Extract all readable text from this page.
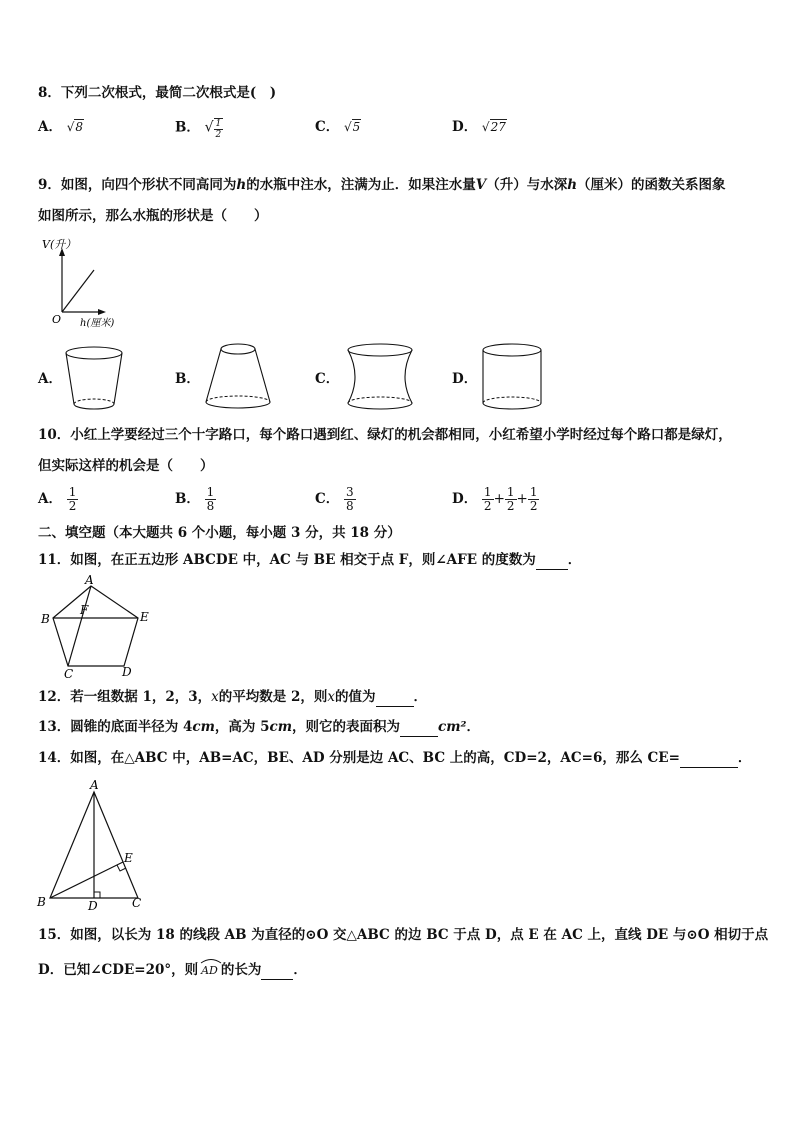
8．下列二次根式，最简二次根式是(　)
A． √8	B． √ $\frac{1}{2}$	C． √5	D． √27
9．如图，向四个形状不同高同为h的水瓶中注水，注满为止．如果注水量V（升）与水深h（厘米）的函数关系图象
如图所示，那么水瓶的形状是（　　）
V(升）
O h(厘米)
A．	B．	C．	D．
10．小红上学要经过三个十字路口，每个路口遇到红、绿灯的机会都相同，小红希望小学时经过每个路口都是绿灯，
但实际这样的机会是（　　）
A． $\frac{1}{2}$	B． $\frac{1}{8}$	C． $\frac{3}{8}$	D． $\frac{1}{2} + \frac{1}{2} + \frac{1}{2}$
二、填空题（本大题共 6 个小题，每小题 3 分，共 18 分）
11．如图，在正五边形 ABCDE 中，AC 与 BE 相交于点 F，则∠AFE 的度数为 ．
A
B
C	D
E
F
12．若一组数据 1，2，3，x的平均数是 2，则x的值为	．
13．圆锥的底面半径为 4cm，高为 5cm，则它的表面积为	cm²．
14．如图，在△ABC 中，AB=AC，BE、AD 分别是边 AC、BC 上的高，CD=2，AC=6，那么 CE=	．
A
B	D	C
E
15．如图，以长为 18 的线段 AB 为直径的⊙O 交△ABC 的边 BC 于点 D，点 E 在 AC 上，直线 DE 与⊙O 相切于点
D．已知∠CDE=20°，则 AD 的长为 ．
